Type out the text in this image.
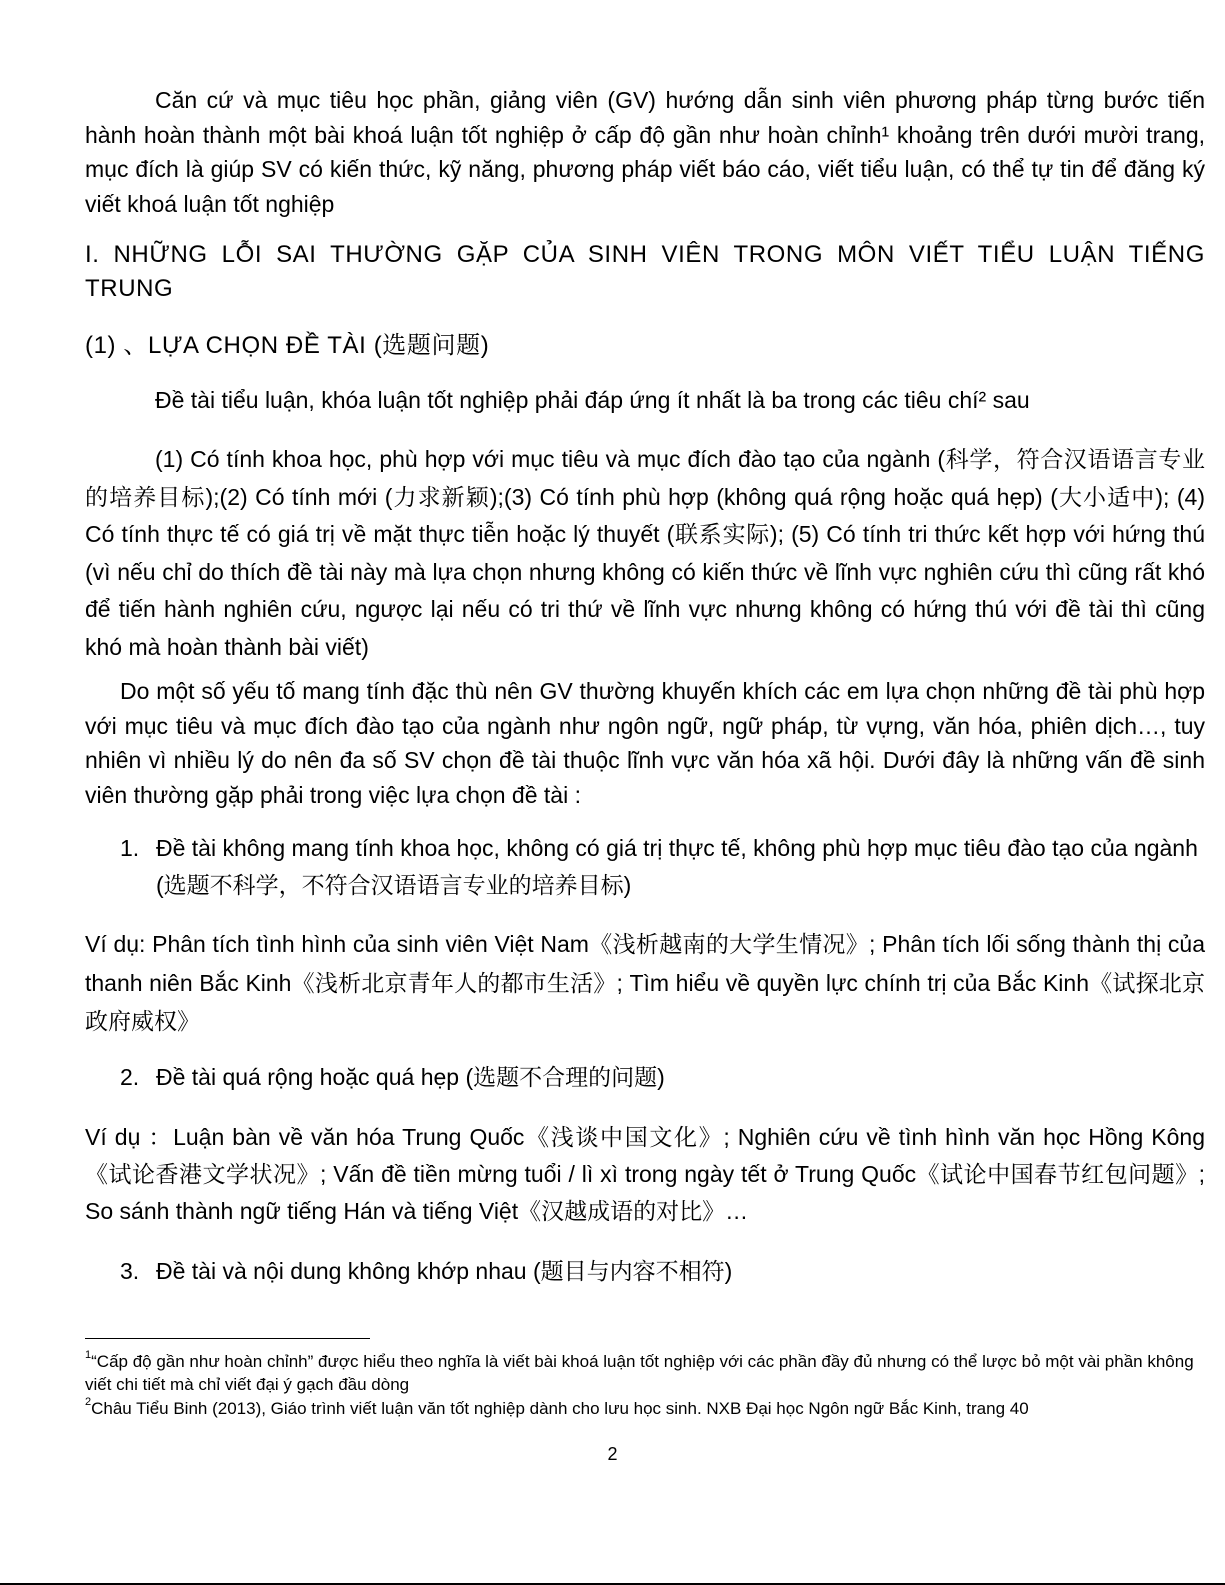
Căn cứ và mục tiêu học phần, giảng viên (GV) hướng dẫn sinh viên phương pháp từng bước tiến hành hoàn thành một bài khoá luận tốt nghiệp ở cấp độ gần như hoàn chỉnh¹ khoảng trên dưới mười trang, mục đích là giúp SV có kiến thức, kỹ năng, phương pháp viết báo cáo, viết tiểu luận, có thể tự tin để đăng ký viết khoá luận tốt nghiệp

I. NHỮNG LỖI SAI THƯỜNG GẶP CỦA SINH VIÊN TRONG MÔN VIẾT TIỂU LUẬN TIẾNG TRUNG

(1) 、LỰA CHỌN ĐỀ TÀI (选题问题)

Đề tài tiểu luận, khóa luận tốt nghiệp phải đáp ứng ít nhất là ba trong các tiêu chí² sau

(1) Có tính khoa học, phù hợp với mục tiêu và mục đích đào tạo của ngành (科学，符合汉语语言专业的培养目标);(2) Có tính mới (力求新颖);(3) Có tính phù hợp (không quá rộng hoặc quá hẹp) (大小适中); (4) Có tính thực tế có giá trị về mặt thực tiễn hoặc lý thuyết (联系实际); (5) Có tính tri thức kết hợp với hứng thú (vì nếu chỉ do thích đề tài này mà lựa chọn nhưng không có kiến thức về lĩnh vực nghiên cứu thì cũng rất khó để tiến hành nghiên cứu, ngược lại nếu có tri thứ về lĩnh vực nhưng không có hứng thú với đề tài thì cũng khó mà hoàn thành bài viết)

Do một số yếu tố mang tính đặc thù nên GV thường khuyến khích các em lựa chọn những đề tài phù hợp với mục tiêu và mục đích đào tạo của ngành như ngôn ngữ, ngữ pháp, từ vựng, văn hóa, phiên dịch…, tuy nhiên vì nhiều lý do nên đa số SV chọn đề tài thuộc lĩnh vực văn hóa xã hội. Dưới đây là những vấn đề sinh viên thường gặp phải trong việc lựa chọn đề tài :

1. Đề tài không mang tính khoa học, không có giá trị thực tế, không phù hợp mục tiêu đào tạo của ngành (选题不科学，不符合汉语语言专业的培养目标)

Ví dụ: Phân tích tình hình của sinh viên Việt Nam《浅析越南的大学生情况》; Phân tích lối sống thành thị của thanh niên Bắc Kinh《浅析北京青年人的都市生活》; Tìm hiểu về quyền lực chính trị của Bắc Kinh《试探北京政府威权》

2. Đề tài quá rộng hoặc quá hẹp (选题不合理的问题)

Ví dụ ：Luận bàn về văn hóa Trung Quốc《浅谈中国文化》; Nghiên cứu về tình hình văn học Hồng Kông《试论香港文学状况》; Vấn đề tiền mừng tuổi / lì xì trong ngày tết ở Trung Quốc《试论中国春节红包问题》; So sánh thành ngữ tiếng Hán và tiếng Việt《汉越成语的对比》…

3. Đề tài và nội dung không khớp nhau (题目与内容不相符)

$^1$“Cấp độ gần như hoàn chỉnh” được hiểu theo nghĩa là viết bài khoá luận tốt nghiệp với các phần đầy đủ nhưng có thể lược bỏ một vài phần không viết chi tiết mà chỉ viết đại ý gạch đầu dòng

$^2$Châu Tiểu Binh (2013), Giáo trình viết luận văn tốt nghiệp dành cho lưu học sinh. NXB Đại học Ngôn ngữ Bắc Kinh, trang 40

2
